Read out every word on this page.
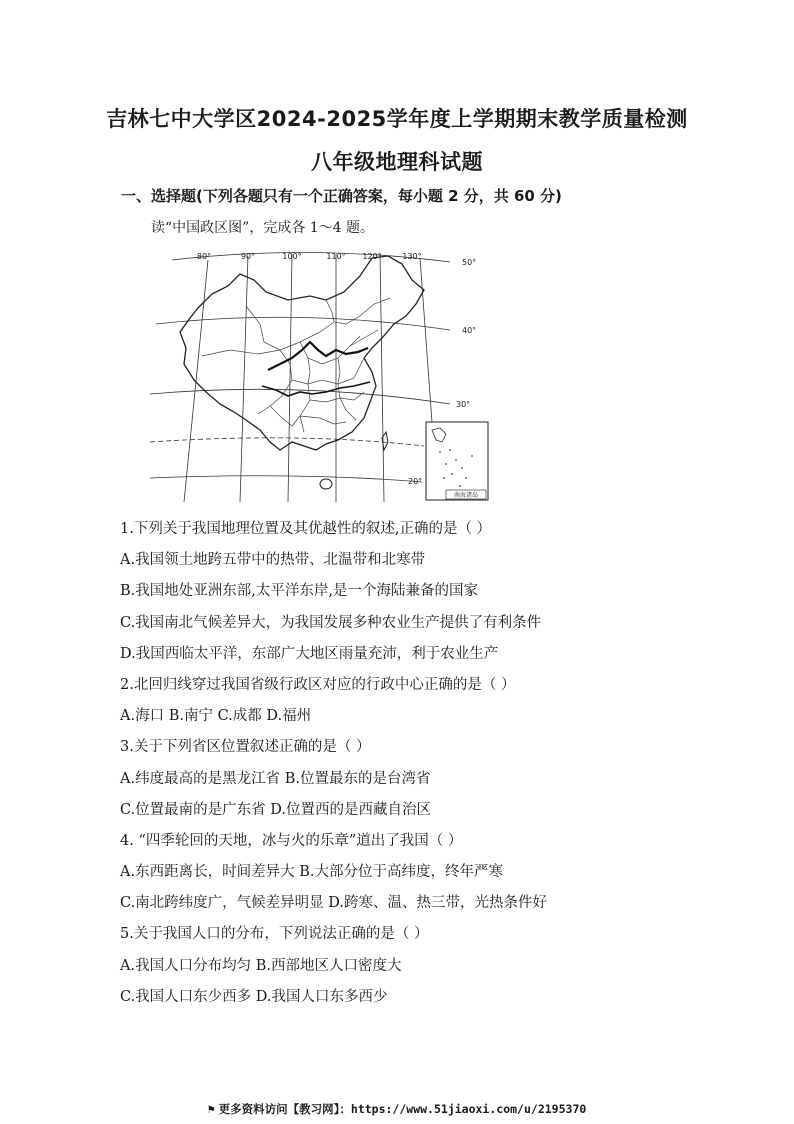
吉林七中大学区2024-2025学年度上学期期末教学质量检测
八年级地理科试题
一、选择题(下列各题只有一个正确答案，每小题 2 分，共 60 分)
读“中国政区图”，完成各 1～4 题。
南海诸岛
80°	90°	100°	110° 120°	130°
50°
40°
30°
20°
1.下列关于我国地理位置及其优越性的叙述,正确的是（ ）
A.我国领土地跨五带中的热带、北温带和北寒带
B.我国地处亚洲东部,太平洋东岸,是一个海陆兼备的国家
C.我国南北气候差异大，为我国发展多种农业生产提供了有利条件
D.我国西临太平洋，东部广大地区雨量充沛，利于农业生产
2.北回归线穿过我国省级行政区对应的行政中心正确的是（ ）
A.海口 B.南宁 C.成都 D.福州
3.关于下列省区位置叙述正确的是（ ）
A.纬度最高的是黑龙江省 B.位置最东的是台湾省
C.位置最南的是广东省 D.位置西的是西藏自治区
4. “四季轮回的天地，冰与火的乐章”道出了我国（ ）
A.东西距离长，时间差异大 B.大部分位于高纬度，终年严寒
C.南北跨纬度广，气候差异明显 D.跨寒、温、热三带，光热条件好
5.关于我国人口的分布，下列说法正确的是（ ）
A.我国人口分布均匀 B.西部地区人口密度大
C.我国人口东少西多 D.我国人口东多西少
⚑ 更多资料访问【教习网】：https://www.51jiaoxi.com/u/2195370
